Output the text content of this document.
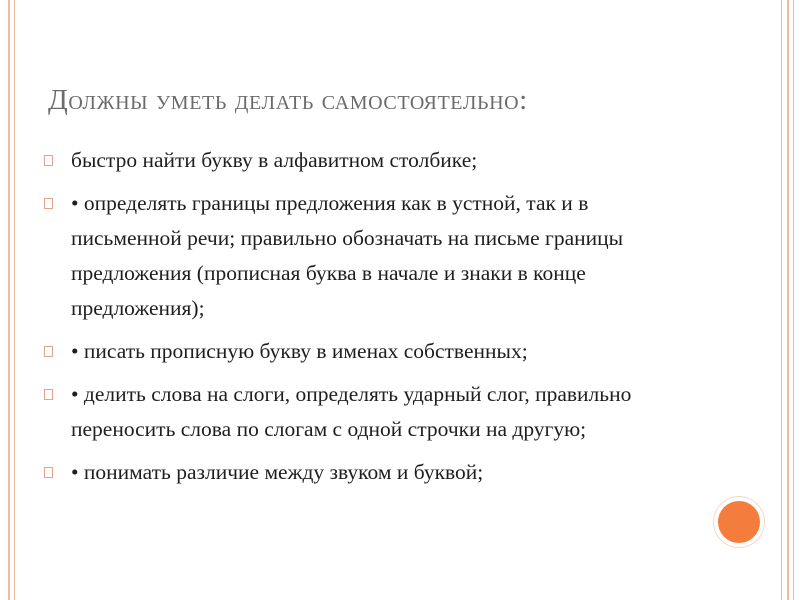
Должны уметь делать самостоятельно:
быстро найти букву в алфавитном столбике;
• определять границы предложения как в устной, так и в письменной речи; правильно обозначать на письме границы предложения (прописная буква в начале и знаки в конце предложения);
• писать прописную букву в именах собственных;
• делить слова на слоги, определять ударный слог, правильно переносить слова по слогам с одной строчки на другую;
• понимать различие между звуком и буквой;
